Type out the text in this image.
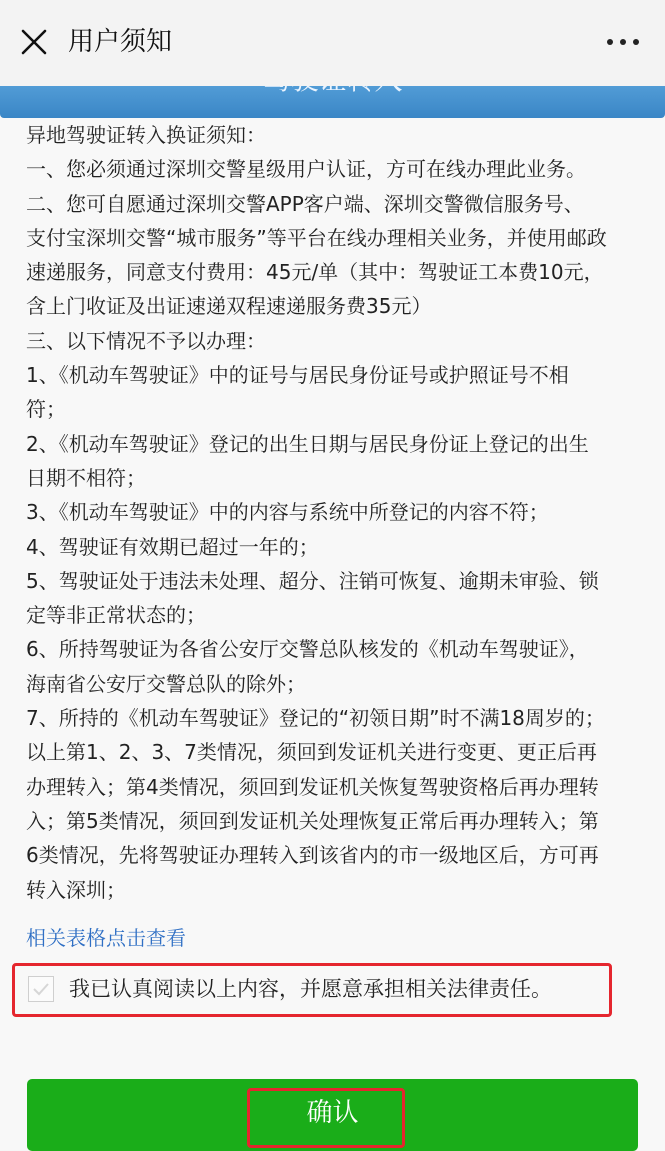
用户须知
异地驾驶证转入换证须知：
一、您必须通过深圳交警星级用户认证，方可在线办理此业务。
二、您可自愿通过深圳交警APP客户端、深圳交警微信服务号、
支付宝深圳交警“城市服务”等平台在线办理相关业务，并使用邮政
速递服务，同意支付费用：45元/单（其中：驾驶证工本费10元，
含上门收证及出证速递双程速递服务费35元）
三、以下情况不予以办理：
1、《机动车驾驶证》中的证号与居民身份证号或护照证号不相
符；
2、《机动车驾驶证》登记的出生日期与居民身份证上登记的出生
日期不相符；
3、《机动车驾驶证》中的内容与系统中所登记的内容不符；
4、驾驶证有效期已超过一年的；
5、驾驶证处于违法未处理、超分、注销可恢复、逾期未审验、锁
定等非正常状态的；
6、所持驾驶证为各省公安厅交警总队核发的《机动车驾驶证》，
海南省公安厅交警总队的除外；
7、所持的《机动车驾驶证》登记的“初领日期”时不满18周岁的；
以上第1、2、3、7类情况，须回到发证机关进行变更、更正后再
办理转入；第4类情况，须回到发证机关恢复驾驶资格后再办理转
入；第5类情况，须回到发证机关处理恢复正常后再办理转入；第
6类情况，先将驾驶证办理转入到该省内的市一级地区后，方可再
转入深圳；
相关表格点击查看
我已认真阅读以上内容，并愿意承担相关法律责任。
确认
